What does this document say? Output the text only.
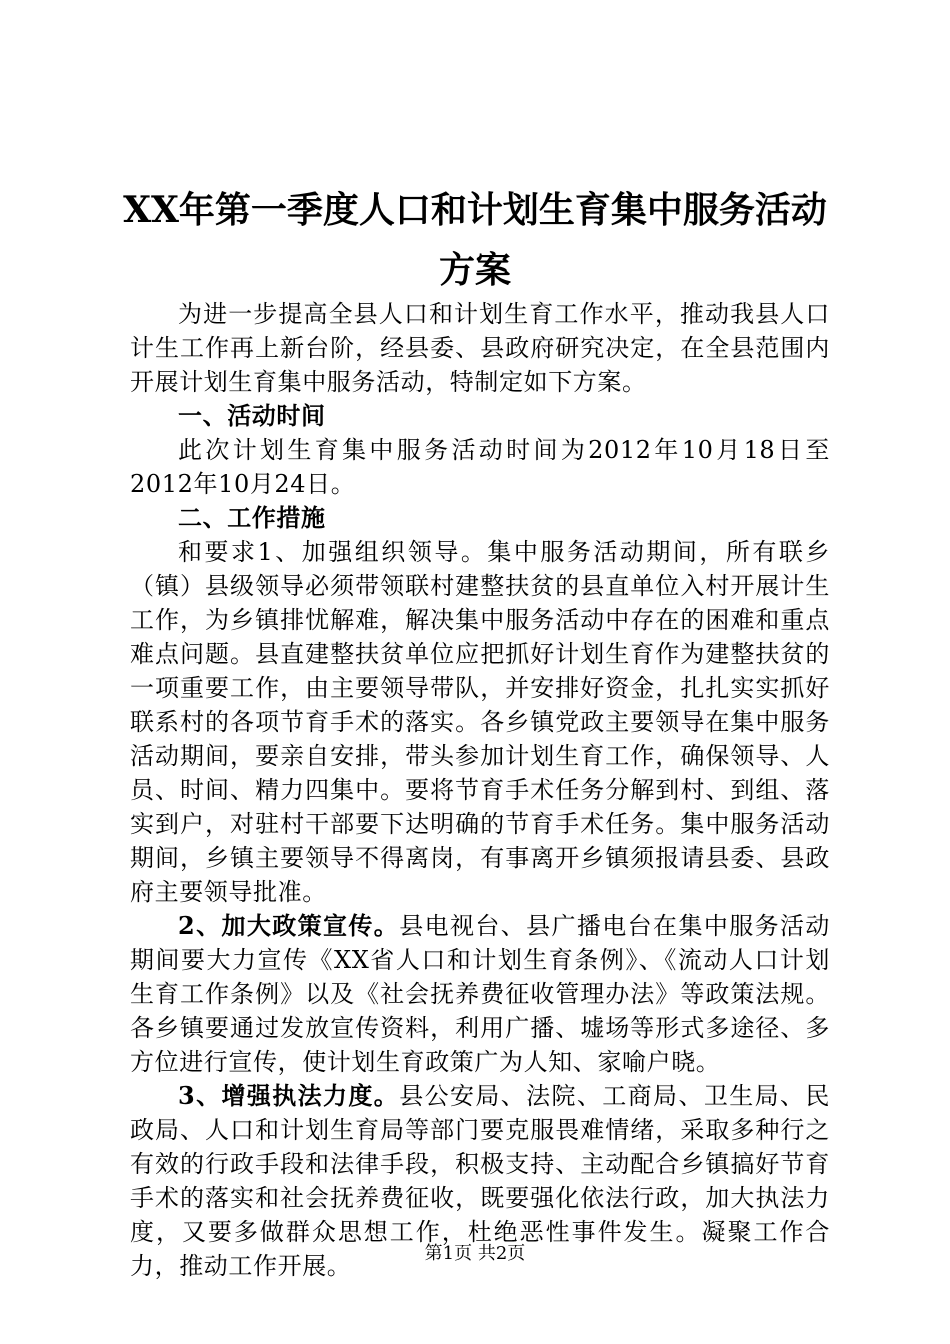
XX年第一季度人口和计划生育集中服务活动
方案

为进一步提高全县人口和计划生育工作水平，推动我县人口计生工作再上新台阶，经县委、县政府研究决定，在全县范围内开展计划生育集中服务活动，特制定如下方案。

一、活动时间

此次计划生育集中服务活动时间为2012年10月18日至2012年10月24日。

二、工作措施

和要求1、加强组织领导。集中服务活动期间，所有联乡（镇）县级领导必须带领联村建整扶贫的县直单位入村开展计生工作，为乡镇排忧解难，解决集中服务活动中存在的困难和重点难点问题。县直建整扶贫单位应把抓好计划生育作为建整扶贫的一项重要工作，由主要领导带队，并安排好资金，扎扎实实抓好联系村的各项节育手术的落实。各乡镇党政主要领导在集中服务活动期间，要亲自安排，带头参加计划生育工作，确保领导、人员、时间、精力四集中。要将节育手术任务分解到村、到组、落实到户，对驻村干部要下达明确的节育手术任务。集中服务活动期间，乡镇主要领导不得离岗，有事离开乡镇须报请县委、县政府主要领导批准。

2、加大政策宣传。县电视台、县广播电台在集中服务活动期间要大力宣传《XX省人口和计划生育条例》、《流动人口计划生育工作条例》以及《社会抚养费征收管理办法》等政策法规。各乡镇要通过发放宣传资料，利用广播、墟场等形式多途径、多方位进行宣传，使计划生育政策广为人知、家喻户晓。

3、增强执法力度。县公安局、法院、工商局、卫生局、民政局、人口和计划生育局等部门要克服畏难情绪，采取多种行之有效的行政手段和法律手段，积极支持、主动配合乡镇搞好节育手术的落实和社会抚养费征收，既要强化依法行政，加大执法力度，又要多做群众思想工作，杜绝恶性事件发生。凝聚工作合力，推动工作开展。	第1页 共2页
